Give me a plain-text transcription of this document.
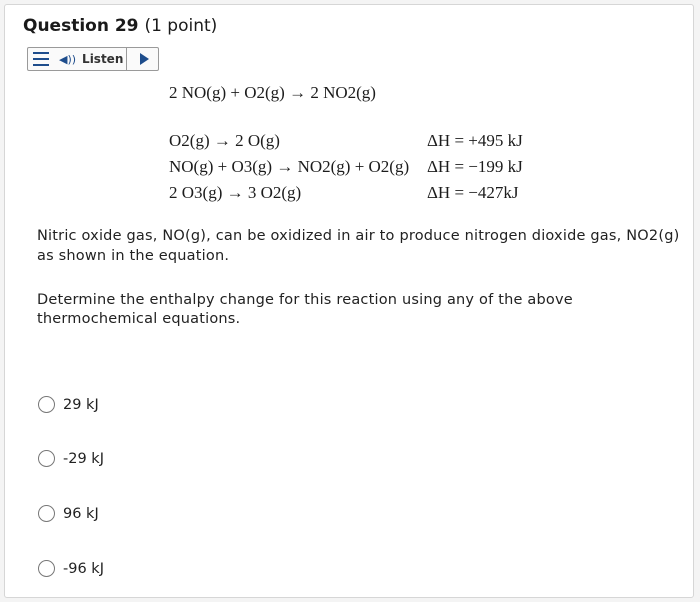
Question 29 (1 point)
◀)) Listen
2 NO(g) + O2(g) → 2 NO2(g)
O2(g) → 2 O(g)	ΔH = +495 kJ
NO(g) + O3(g) → NO2(g) + O2(g) ΔH = −199 kJ
2 O3(g) → 3 O2(g)	ΔH = −427kJ
Nitric oxide gas, NO(g), can be oxidized in air to produce nitrogen dioxide gas, NO2(g)
as shown in the equation.
Determine the enthalpy change for this reaction using any of the above
thermochemical equations.
29 kJ
-29 kJ
96 kJ
-96 kJ
